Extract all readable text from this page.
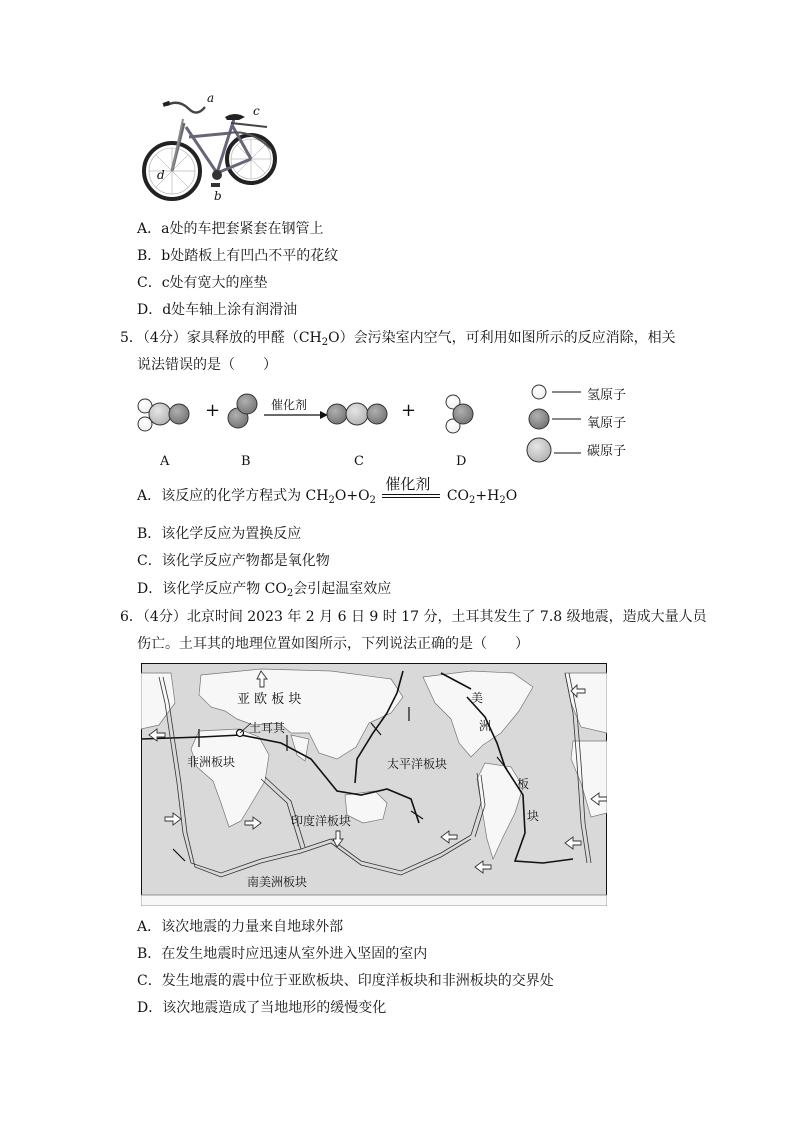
a
c
d
b
A．a处的车把套紧套在钢管上
B．b处踏板上有凹凸不平的花纹
C．c处有宽大的座垫
D．d处车轴上涂有润滑油
5．（4分）家具释放的甲醛$(CH_2O)$会污染室内空气，可利用如图所示的反应消除，相关
说法错误的是（　　）
+	催化剂	+
A	B	C	D
氢原子
氧原子
碳原子
A．该反应的化学方程式为 $CH_2O+O_2$
催化剂
$CO_2+H_2O$
B．该化学反应为置换反应
C．该化学反应产物都是氧化物
D．该化学反应产物 $CO_2$会引起温室效应
6．（4分）北京时间 2023 年 2 月 6 日 9 时 17 分，土耳其发生了 7.8 级地震，造成大量人员
伤亡。土耳其的地理位置如图所示，下列说法正确的是（　　）
亚 欧 板 块
土耳其
非洲板块	太平洋板块
印度洋板块
南美洲板块
美
洲
板
块
A．该次地震的力量来自地球外部
B．在发生地震时应迅速从室外进入坚固的室内
C．发生地震的震中位于亚欧板块、印度洋板块和非洲板块的交界处
D．该次地震造成了当地地形的缓慢变化
